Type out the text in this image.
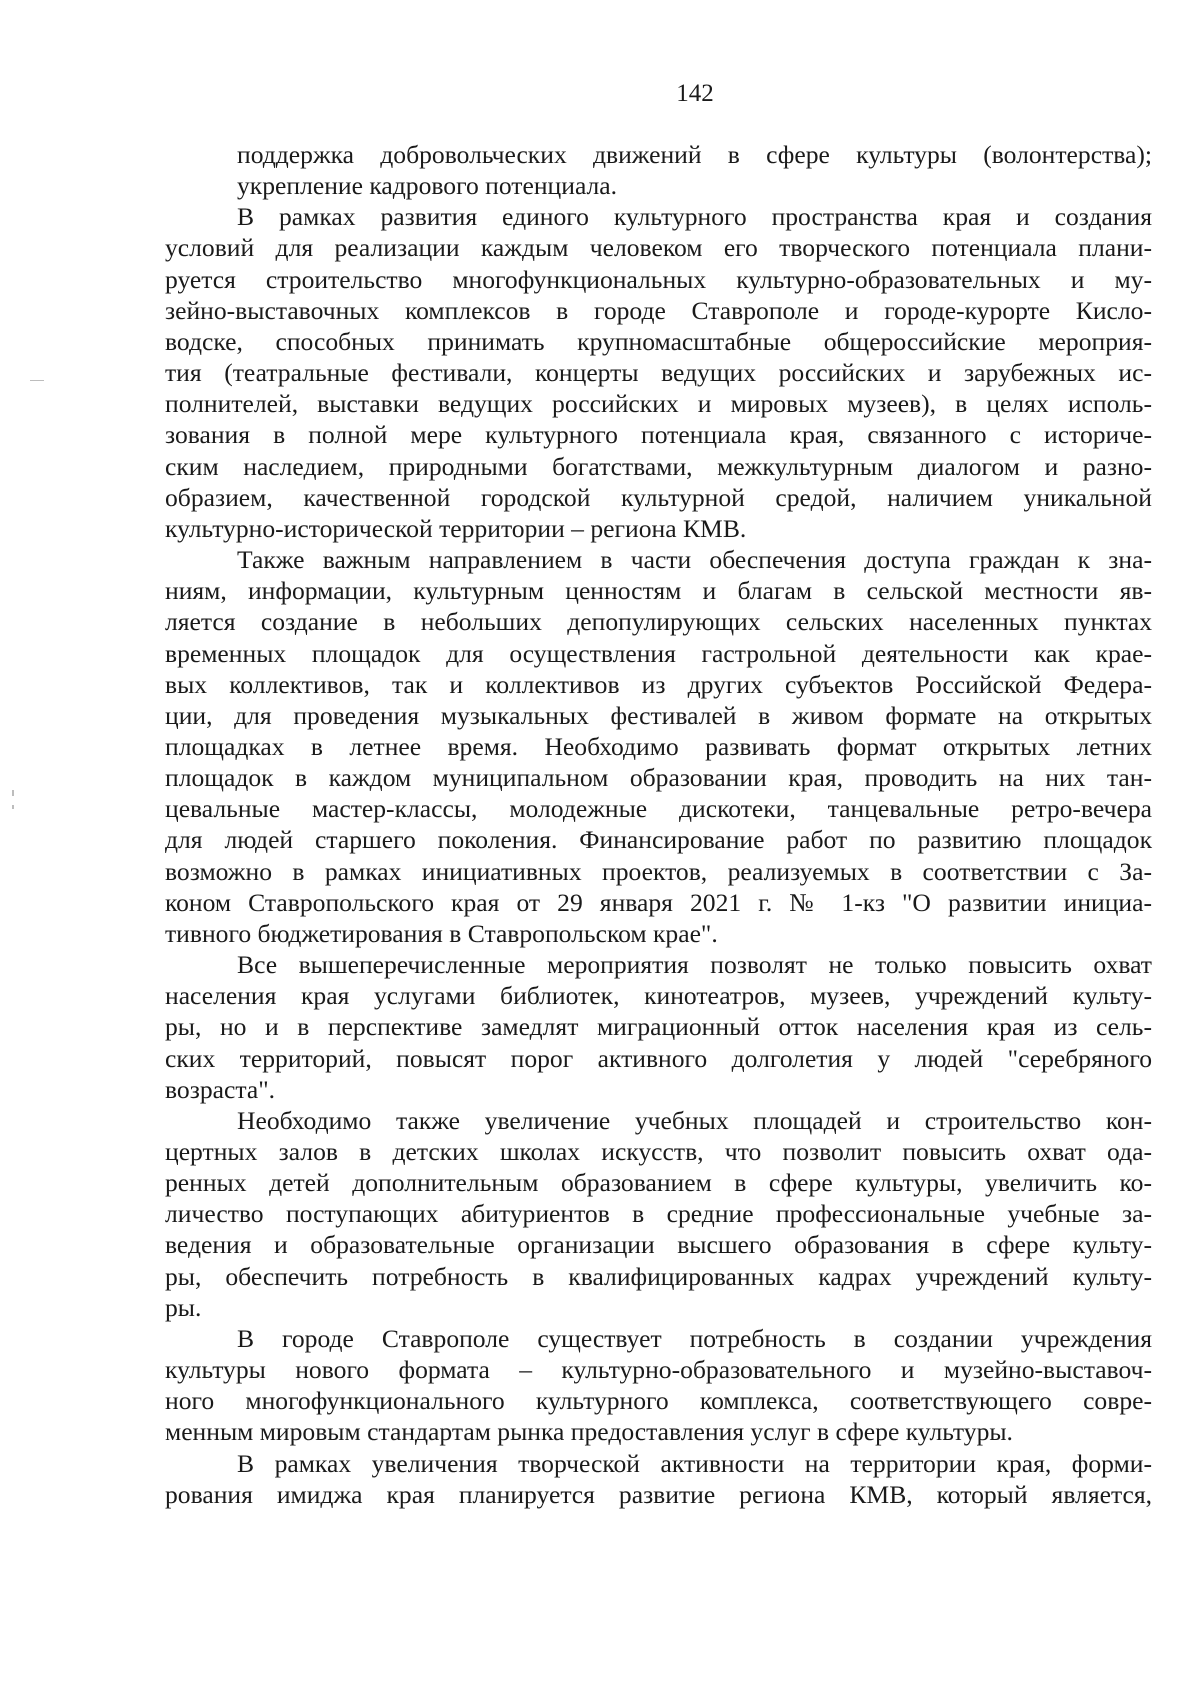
142
поддержка добровольческих движений в сфере культуры (волонтерства);
укрепление кадрового потенциала.
В рамках развития единого культурного пространства края и создания
условий для реализации каждым человеком его творческого потенциала плани-
руется строительство многофункциональных культурно-образовательных и му-
зейно-выставочных комплексов в городе Ставрополе и городе-курорте Кисло-
водске, способных принимать крупномасштабные общероссийские мероприя-
тия (театральные фестивали, концерты ведущих российских и зарубежных ис-
полнителей, выставки ведущих российских и мировых музеев), в целях исполь-
зования в полной мере культурного потенциала края, связанного с историче-
ским наследием, природными богатствами, межкультурным диалогом и разно-
образием, качественной городской культурной средой, наличием уникальной
культурно-исторической территории – региона КМВ.
Также важным направлением в части обеспечения доступа граждан к зна-
ниям, информации, культурным ценностям и благам в сельской местности яв-
ляется создание в небольших депопулирующих сельских населенных пунктах
временных площадок для осуществления гастрольной деятельности как крае-
вых коллективов, так и коллективов из других субъектов Российской Федера-
ции, для проведения музыкальных фестивалей в живом формате на открытых
площадках в летнее время. Необходимо развивать формат открытых летних
площадок в каждом муниципальном образовании края, проводить на них тан-
цевальные мастер-классы, молодежные дискотеки, танцевальные ретро-вечера
для людей старшего поколения. Финансирование работ по развитию площадок
возможно в рамках инициативных проектов, реализуемых в соответствии с За-
коном Ставропольского края от 29 января 2021 г. № 1-кз "О развитии инициа-
тивного бюджетирования в Ставропольском крае".
Все вышеперечисленные мероприятия позволят не только повысить охват
населения края услугами библиотек, кинотеатров, музеев, учреждений культу-
ры, но и в перспективе замедлят миграционный отток населения края из сель-
ских территорий, повысят порог активного долголетия у людей "серебряного
возраста".
Необходимо также увеличение учебных площадей и строительство кон-
цертных залов в детских школах искусств, что позволит повысить охват ода-
ренных детей дополнительным образованием в сфере культуры, увеличить ко-
личество поступающих абитуриентов в средние профессиональные учебные за-
ведения и образовательные организации высшего образования в сфере культу-
ры, обеспечить потребность в квалифицированных кадрах учреждений культу-
ры.
В городе Ставрополе существует потребность в создании учреждения
культуры нового формата – культурно-образовательного и музейно-выставоч-
ного многофункционального культурного комплекса, соответствующего совре-
менным мировым стандартам рынка предоставления услуг в сфере культуры.
В рамках увеличения творческой активности на территории края, форми-
рования имиджа края планируется развитие региона КМВ, который является,
